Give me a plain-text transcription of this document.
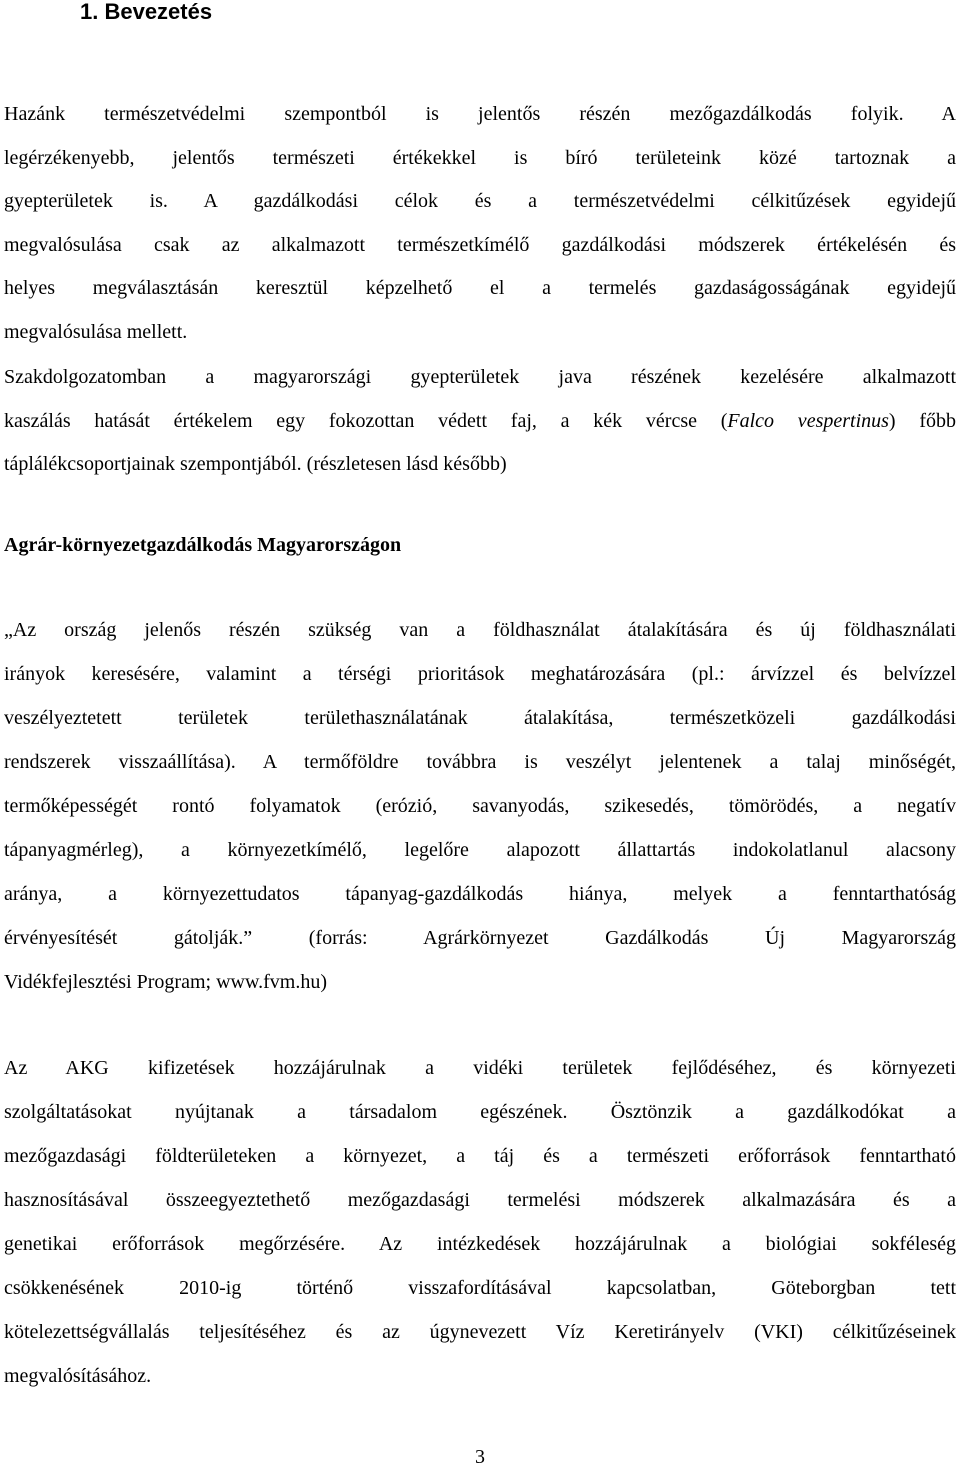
1. Bevezetés

Hazánk természetvédelmi szempontból is jelentős részén mezőgazdálkodás folyik. A
legérzékenyebb, jelentős természeti értékekkel is bíró területeink közé tartoznak a
gyepterületek is. A gazdálkodási célok és a természetvédelmi célkitűzések egyidejű
megvalósulása csak az alkalmazott természetkímélő gazdálkodási módszerek értékelésén és
helyes megválasztásán keresztül képzelhető el a termelés gazdaságosságának egyidejű
megvalósulása mellett.

Szakdolgozatomban a magyarországi gyepterületek java részének kezelésére alkalmazott
kaszálás hatását értékelem egy fokozottan védett faj, a kék vércse (Falco vespertinus) főbb
táplálékcsoportjainak szempontjából. (részletesen lásd később)

Agrár-környezetgazdálkodás Magyarországon

„Az ország jelenős részén szükség van a földhasználat átalakítására és új földhasználati
irányok keresésére, valamint a térségi prioritások meghatározására (pl.: árvízzel és belvízzel
veszélyeztetett területek területhasználatának átalakítása, természetközeli gazdálkodási
rendszerek visszaállítása). A termőföldre továbbra is veszélyt jelentenek a talaj minőségét,
termőképességét rontó folyamatok (erózió, savanyodás, szikesedés, tömörödés, a negatív
tápanyagmérleg), a környezetkímélő, legelőre alapozott állattartás indokolatlanul alacsony
aránya, a környezettudatos tápanyag-gazdálkodás hiánya, melyek a fenntarthatóság
érvényesítését gátolják.” (forrás: Agrárkörnyezet Gazdálkodás Új Magyarország
Vidékfejlesztési Program; www.fvm.hu)

Az AKG kifizetések hozzájárulnak a vidéki területek fejlődéséhez, és környezeti
szolgáltatásokat nyújtanak a társadalom egészének. Ösztönzik a gazdálkodókat a
mezőgazdasági földterületeken a környezet, a táj és a természeti erőforrások fenntartható
hasznosításával összeegyeztethető mezőgazdasági termelési módszerek alkalmazására és a
genetikai erőforrások megőrzésére. Az intézkedések hozzájárulnak a biológiai sokféleség
csökkenésének 2010-ig történő visszafordításával kapcsolatban, Göteborgban tett
kötelezettségvállalás teljesítéséhez és az úgynevezett Víz Keretirányelv (VKI) célkitűzéseinek
megvalósításához.

3
